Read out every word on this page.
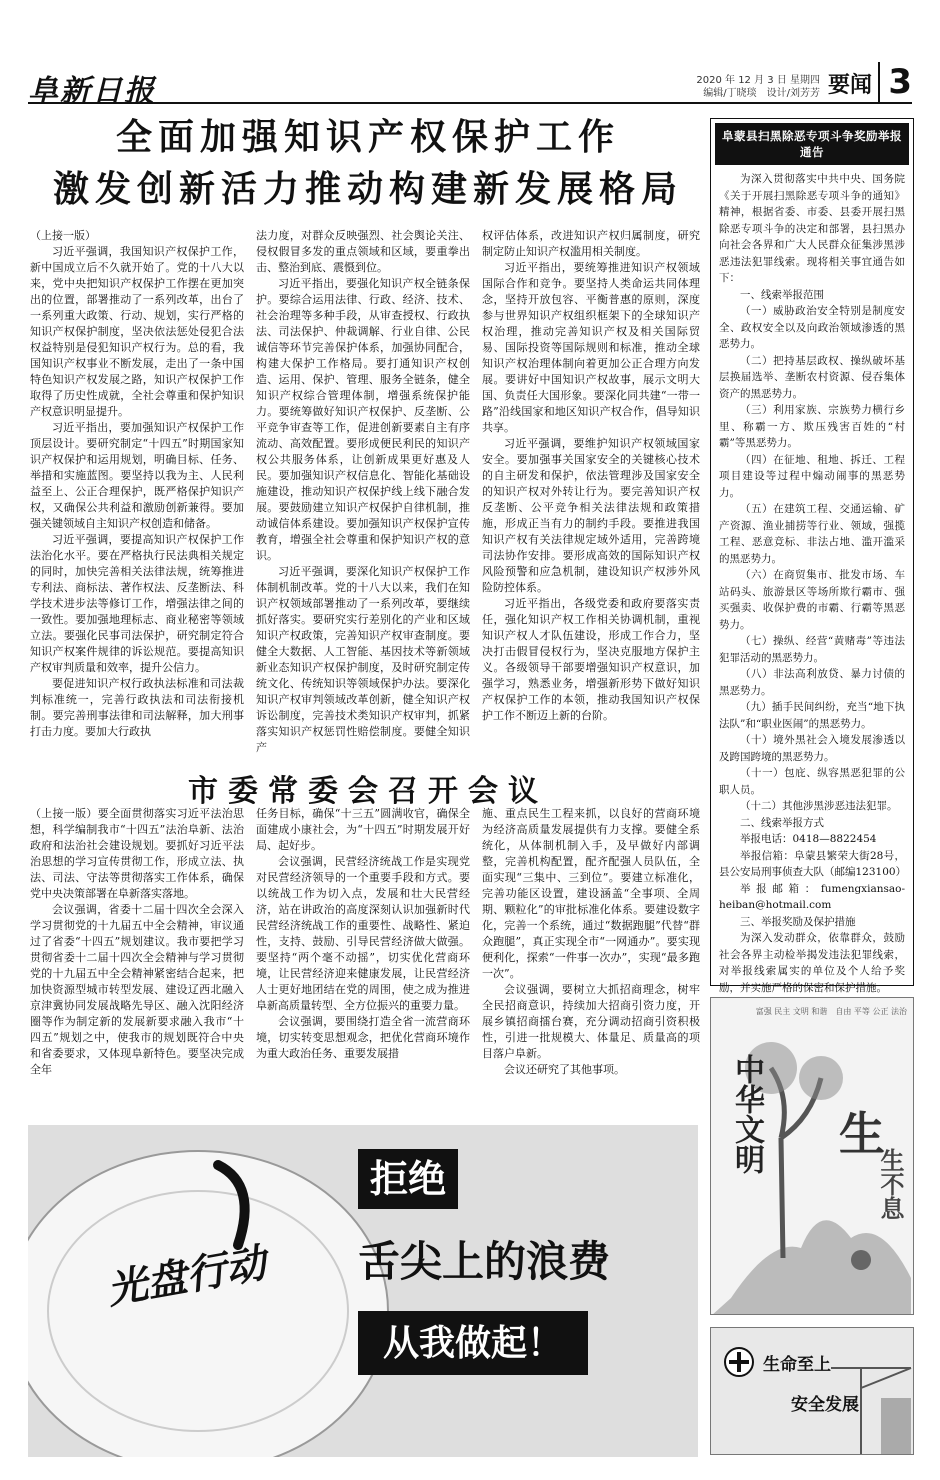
阜新日报	2020 年 12 月 3 日 星期四
编辑/丁晓琰　设计/刘芳芳 要闻 3
全面加强知识产权保护工作
激发创新活力推动构建新发展格局

（上接一版）

习近平强调，我国知识产权保护工作，新中国成立后不久就开始了。党的十八大以来，党中央把知识产权保护工作摆在更加突出的位置，部署推动了一系列改革，出台了一系列重大政策、行动、规划，实行严格的知识产权保护制度，坚决依法惩处侵犯合法权益特别是侵犯知识产权行为。总的看，我国知识产权事业不断发展，走出了一条中国特色知识产权发展之路，知识产权保护工作取得了历史性成就，全社会尊重和保护知识产权意识明显提升。

习近平指出，要加强知识产权保护工作顶层设计。要研究制定“十四五”时期国家知识产权保护和运用规划，明确目标、任务、举措和实施蓝图。要坚持以我为主、人民利益至上、公正合理保护，既严格保护知识产权，又确保公共利益和激励创新兼得。要加强关键领域自主知识产权创造和储备。

习近平强调，要提高知识产权保护工作法治化水平。要在严格执行民法典相关规定的同时，加快完善相关法律法规，统筹推进专利法、商标法、著作权法、反垄断法、科学技术进步法等修订工作，增强法律之间的一致性。要加强地理标志、商业秘密等领域立法。要强化民事司法保护，研究制定符合知识产权案件规律的诉讼规范。要提高知识产权审判质量和效率，提升公信力。

要促进知识产权行政执法标准和司法裁判标准统一，完善行政执法和司法衔接机制。要完善刑事法律和司法解释，加大刑事打击力度。要加大行政执

法力度，对群众反映强烈、社会舆论关注、侵权假冒多发的重点领域和区域，要重拳出击、整治到底、震慑到位。

习近平指出，要强化知识产权全链条保护。要综合运用法律、行政、经济、技术、社会治理等多种手段，从审查授权、行政执法、司法保护、仲裁调解、行业自律、公民诚信等环节完善保护体系，加强协同配合，构建大保护工作格局。要打通知识产权创造、运用、保护、管理、服务全链条，健全知识产权综合管理体制，增强系统保护能力。要统筹做好知识产权保护、反垄断、公平竞争审查等工作，促进创新要素自主有序流动、高效配置。要形成便民利民的知识产权公共服务体系，让创新成果更好惠及人民。要加强知识产权信息化、智能化基础设施建设，推动知识产权保护线上线下融合发展。要鼓励建立知识产权保护自律机制，推动诚信体系建设。要加强知识产权保护宣传教育，增强全社会尊重和保护知识产权的意识。

习近平强调，要深化知识产权保护工作体制机制改革。党的十八大以来，我们在知识产权领域部署推动了一系列改革，要继续抓好落实。要研究实行差别化的产业和区域知识产权政策，完善知识产权审查制度。要健全大数据、人工智能、基因技术等新领域新业态知识产权保护制度，及时研究制定传统文化、传统知识等领域保护办法。要深化知识产权审判领域改革创新，健全知识产权诉讼制度，完善技术类知识产权审判，抓紧落实知识产权惩罚性赔偿制度。要健全知识产

权评估体系，改进知识产权归属制度，研究制定防止知识产权滥用相关制度。

习近平指出，要统筹推进知识产权领域国际合作和竞争。要坚持人类命运共同体理念，坚持开放包容、平衡普惠的原则，深度参与世界知识产权组织框架下的全球知识产权治理，推动完善知识产权及相关国际贸易、国际投资等国际规则和标准，推动全球知识产权治理体制向着更加公正合理方向发展。要讲好中国知识产权故事，展示文明大国、负责任大国形象。要深化同共建“一带一路”沿线国家和地区知识产权合作，倡导知识共享。

习近平强调，要维护知识产权领域国家安全。要加强事关国家安全的关键核心技术的自主研发和保护，依法管理涉及国家安全的知识产权对外转让行为。要完善知识产权反垄断、公平竞争相关法律法规和政策措施，形成正当有力的制约手段。要推进我国知识产权有关法律规定域外适用，完善跨境司法协作安排。要形成高效的国际知识产权风险预警和应急机制，建设知识产权涉外风险防控体系。

习近平指出，各级党委和政府要落实责任，强化知识产权工作相关协调机制，重视知识产权人才队伍建设，形成工作合力，坚决打击假冒侵权行为，坚决克服地方保护主义。各级领导干部要增强知识产权意识，加强学习，熟悉业务，增强新形势下做好知识产权保护工作的本领，推动我国知识产权保护工作不断迈上新的台阶。

市委常委会召开会议

（上接一版）要全面贯彻落实习近平法治思想，科学编制我市“十四五”法治阜新、法治政府和法治社会建设规划。要抓好习近平法治思想的学习宣传贯彻工作，形成立法、执法、司法、守法等贯彻落实工作体系，确保党中央决策部署在阜新落实落地。

会议强调，省委十二届十四次全会深入学习贯彻党的十九届五中全会精神，审议通过了省委“十四五”规划建议。我市要把学习贯彻省委十二届十四次全会精神与学习贯彻党的十九届五中全会精神紧密结合起来，把加快资源型城市转型发展、建设辽西北融入京津冀协同发展战略先导区、融入沈阳经济圈等作为制定新的发展新要求融入我市“十四五”规划之中，使我市的规划既符合中央和省委要求，又体现阜新特色。要坚决完成全年

任务目标，确保“十三五”圆满收官，确保全面建成小康社会，为“十四五”时期发展开好局、起好步。

会议强调，民营经济统战工作是实现党对民营经济领导的一个重要手段和方式。要以统战工作为切入点，发展和壮大民营经济，站在讲政治的高度深刻认识加强新时代民营经济统战工作的重要性、战略性、紧迫性，支持、鼓励、引导民营经济做大做强。要坚持“两个毫不动摇”，切实优化营商环境，让民营经济迎来健康发展，让民营经济人士更好地团结在党的周围，使之成为推进阜新高质量转型、全方位振兴的重要力量。

会议强调，要围绕打造全省一流营商环境，切实转变思想观念，把优化营商环境作为重大政治任务、重要发展措

施、重点民生工程来抓，以良好的营商环境为经济高质量发展提供有力支撑。要健全系统化，从体制机制入手，及早做好内部调整，完善机构配置，配齐配强人员队伍，全面实现“三集中、三到位”。要建立标准化，完善功能区设置，建设涵盖“全事项、全周期、颗粒化”的审批标准化体系。要建设数字化，完善一个系统，通过“数据跑腿”代替“群众跑腿”，真正实现全市“一网通办”。要实现便利化，探索“一件事一次办”，实现“最多跑一次”。

会议强调，要树立大抓招商理念，树牢全民招商意识，持续加大招商引资力度，开展乡镇招商擂台赛，充分调动招商引资积极性，引进一批规模大、体量足、质量高的项目落户阜新。

会议还研究了其他事项。

阜蒙县扫黑除恶专项斗争奖励举报通告

为深入贯彻落实中共中央、国务院《关于开展扫黑除恶专项斗争的通知》精神，根据省委、市委、县委开展扫黑除恶专项斗争的决定和部署，县扫黑办向社会各界和广大人民群众征集涉黑涉恶违法犯罪线索。现将相关事宜通告如下：

一、线索举报范围

（一）威胁政治安全特别是制度安全、政权安全以及向政治领域渗透的黑恶势力。

（二）把持基层政权、操纵破坏基层换届选举、垄断农村资源、侵吞集体资产的黑恶势力。

（三）利用家族、宗族势力横行乡里、称霸一方、欺压残害百姓的“村霸”等黑恶势力。

（四）在征地、租地、拆迁、工程项目建设等过程中煽动闹事的黑恶势力。

（五）在建筑工程、交通运输、矿产资源、渔业捕捞等行业、领域，强揽工程、恶意竞标、非法占地、滥开滥采的黑恶势力。

（六）在商贸集市、批发市场、车站码头、旅游景区等场所欺行霸市、强买强卖、收保护费的市霸、行霸等黑恶势力。

（七）操纵、经营“黄赌毒”等违法犯罪活动的黑恶势力。

（八）非法高利放贷、暴力讨债的黑恶势力。

（九）插手民间纠纷，充当“地下执法队”和“职业医闹”的黑恶势力。

（十）境外黑社会入境发展渗透以及跨国跨境的黑恶势力。

（十一）包庇、纵容黑恶犯罪的公职人员。

（十二）其他涉黑涉恶违法犯罪。

二、线索举报方式

举报电话：0418—8822454

举报信箱：阜蒙县繁荣大街28号，县公安局刑事侦查大队（邮编123100）

举报邮箱：fumengxiansao-heiban@hotmail.com

三、举报奖励及保护措施

为深入发动群众，依靠群众，鼓励社会各界主动检举揭发违法犯罪线索，对举报线索属实的单位及个人给予奖励，并实施严格的保密和保护措施。

富强 民主 文明 和谐　自由 平等 公正 法治
中华文明 生
生不息
生命至上
安全发展
光盘行动
拒绝
舌尖上的浪费
从我做起！
